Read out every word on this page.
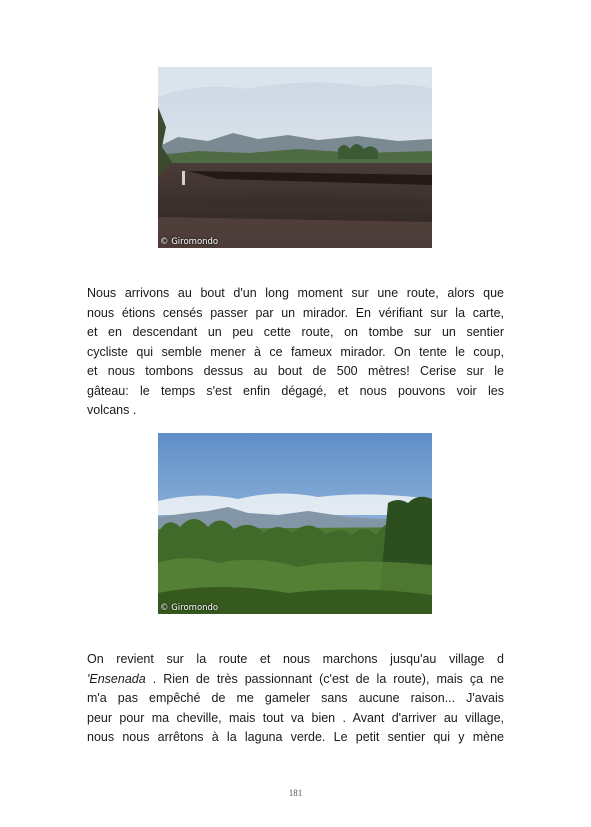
© Giromondo

Nous arrivons au bout d'un long moment sur une route, alors que
nous étions censés passer par un mirador. En vérifiant sur la carte,
et en descendant un peu cette route, on tombe sur un sentier
cycliste qui semble mener à ce fameux mirador. On tente le coup,
et nous tombons dessus au bout de 500 mètres! Cerise sur le
gâteau: le temps s'est enfin dégagé, et nous pouvons voir les
volcans .

© Giromondo

On revient sur la route et nous marchons jusqu'au village d
'Ensenada . Rien de très passionnant (c'est de la route), mais ça ne
m'a pas empêché de me gameler sans aucune raison... J'avais
peur pour ma cheville, mais tout va bien . Avant d'arriver au village,
nous nous arrêtons à la laguna verde. Le petit sentier qui y mène

181
